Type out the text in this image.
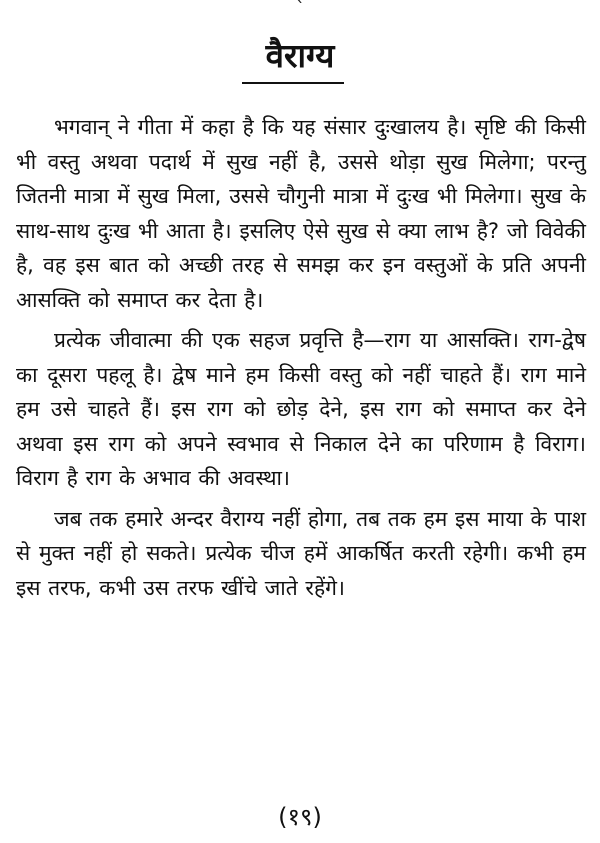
`
वैराग्य

भगवान् ने गीता में कहा है कि यह संसार दुःखालय है। सृष्टि की किसी भी वस्तु अथवा पदार्थ में सुख नहीं है, उससे थोड़ा सुख मिलेगा; परन्तु जितनी मात्रा में सुख मिला, उससे चौगुनी मात्रा में दुःख भी मिलेगा। सुख के साथ-साथ दुःख भी आता है। इसलिए ऐसे सुख से क्या लाभ है? जो विवेकी है, वह इस बात को अच्छी तरह से समझ कर इन वस्तुओं के प्रति अपनी आसक्ति को समाप्त कर देता है।

प्रत्येक जीवात्मा की एक सहज प्रवृत्ति है—राग या आसक्ति। राग-द्वेष का दूसरा पहलू है। द्वेष माने हम किसी वस्तु को नहीं चाहते हैं। राग माने हम उसे चाहते हैं। इस राग को छोड़ देने, इस राग को समाप्त कर देने अथवा इस राग को अपने स्वभाव से निकाल देने का परिणाम है विराग। विराग है राग के अभाव की अवस्था।

जब तक हमारे अन्दर वैराग्य नहीं होगा, तब तक हम इस माया के पाश से मुक्त नहीं हो सकते। प्रत्येक चीज हमें आकर्षित करती रहेगी। कभी हम इस तरफ, कभी उस तरफ खींचे जाते रहेंगे।

(१९)
